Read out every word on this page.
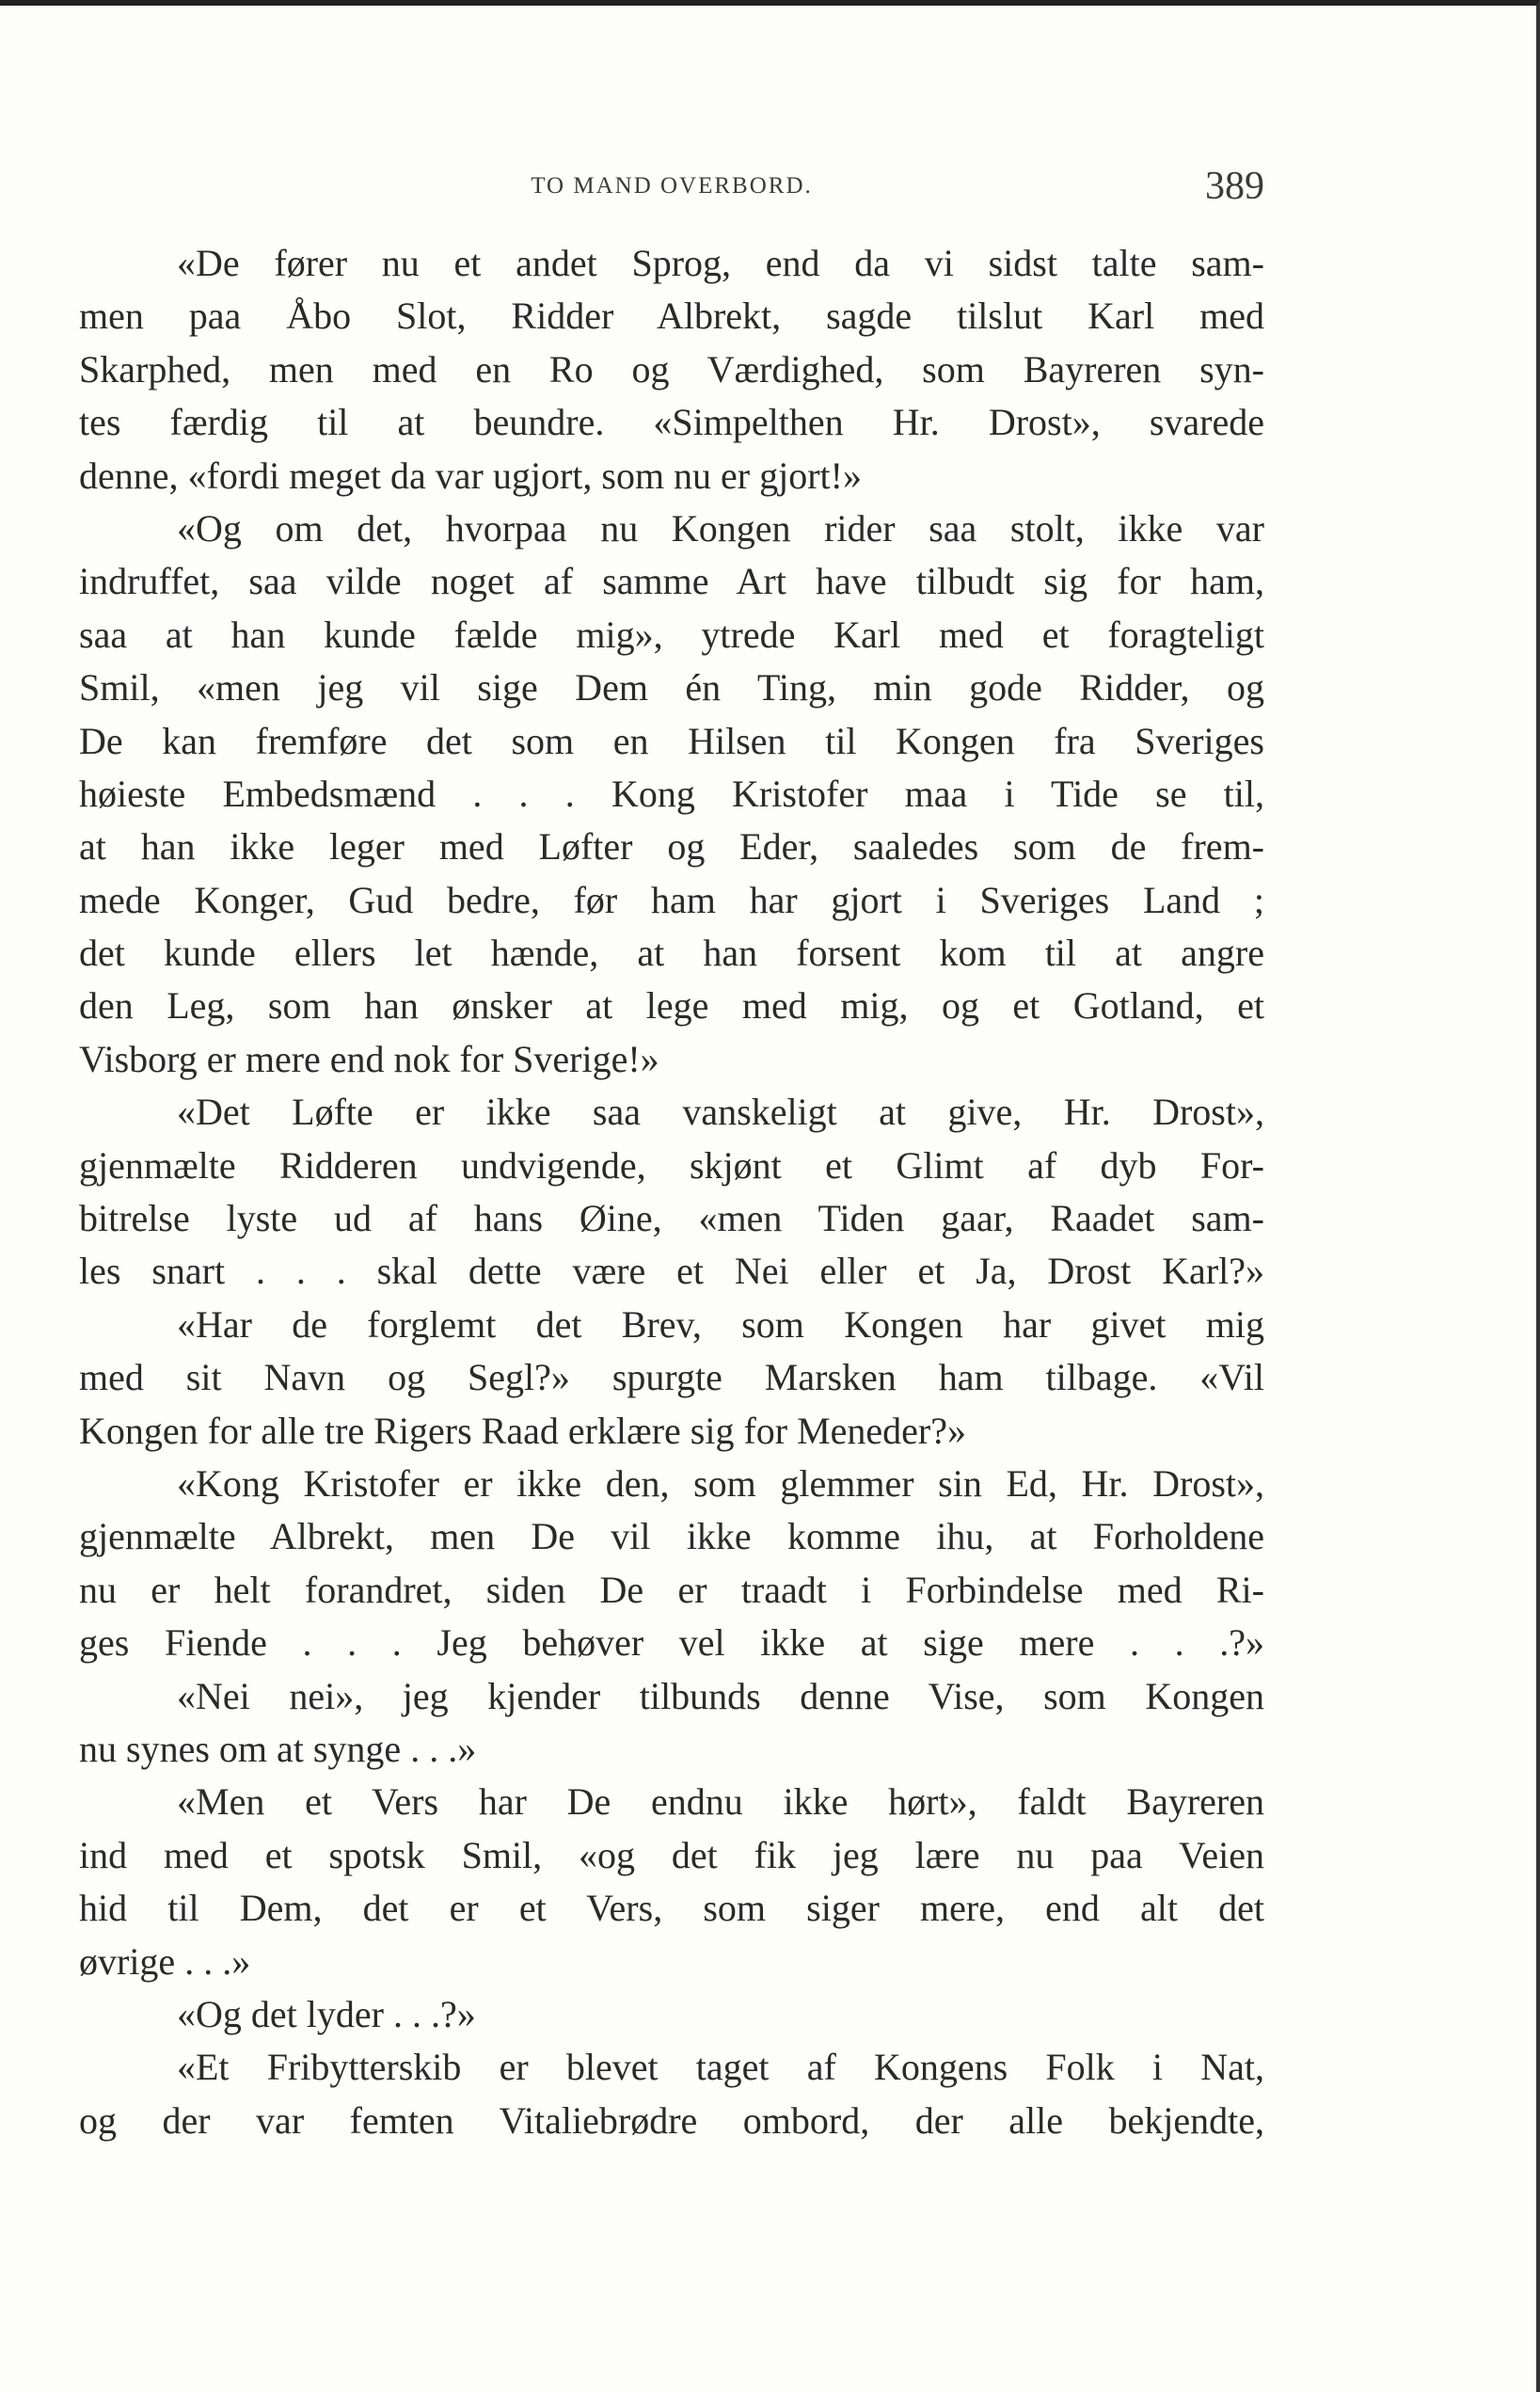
TO MAND OVERBORD.	389
«De fører nu et andet Sprog, end da vi sidst talte sam-
men paa Åbo Slot, Ridder Albrekt, sagde tilslut Karl med
Skarphed, men med en Ro og Værdighed, som Bayreren syn-
tes færdig til at beundre. «Simpelthen Hr. Drost», svarede
denne, «fordi meget da var ugjort, som nu er gjort!»
«Og om det, hvorpaa nu Kongen rider saa stolt, ikke var
indruffet, saa vilde noget af samme Art have tilbudt sig for ham,
saa at han kunde fælde mig», ytrede Karl med et foragteligt
Smil, «men jeg vil sige Dem én Ting, min gode Ridder, og
De kan fremføre det som en Hilsen til Kongen fra Sveriges
høieste Embedsmænd . . . Kong Kristofer maa i Tide se til,
at han ikke leger med Løfter og Eder, saaledes som de frem-
mede Konger, Gud bedre, før ham har gjort i Sveriges Land ;
det kunde ellers let hænde, at han forsent kom til at angre
den Leg, som han ønsker at lege med mig, og et Gotland, et
Visborg er mere end nok for Sverige!»
«Det Løfte er ikke saa vanskeligt at give, Hr. Drost»,
gjenmælte Ridderen undvigende, skjønt et Glimt af dyb For-
bitrelse lyste ud af hans Øine, «men Tiden gaar, Raadet sam-
les snart . . . skal dette være et Nei eller et Ja, Drost Karl?»
«Har de forglemt det Brev, som Kongen har givet mig
med sit Navn og Segl?» spurgte Marsken ham tilbage. «Vil
Kongen for alle tre Rigers Raad erklære sig for Meneder?»
«Kong Kristofer er ikke den, som glemmer sin Ed, Hr. Drost»,
gjenmælte Albrekt, men De vil ikke komme ihu, at Forholdene
nu er helt forandret, siden De er traadt i Forbindelse med Ri-
ges Fiende . . . Jeg behøver vel ikke at sige mere . . .?»
«Nei nei», jeg kjender tilbunds denne Vise, som Kongen
nu synes om at synge . . .»
«Men et Vers har De endnu ikke hørt», faldt Bayreren
ind med et spotsk Smil, «og det fik jeg lære nu paa Veien
hid til Dem, det er et Vers, som siger mere, end alt det
øvrige . . .»
«Og det lyder . . .?»
«Et Fribytterskib er blevet taget af Kongens Folk i Nat,
og der var femten Vitaliebrødre ombord, der alle bekjendte,
